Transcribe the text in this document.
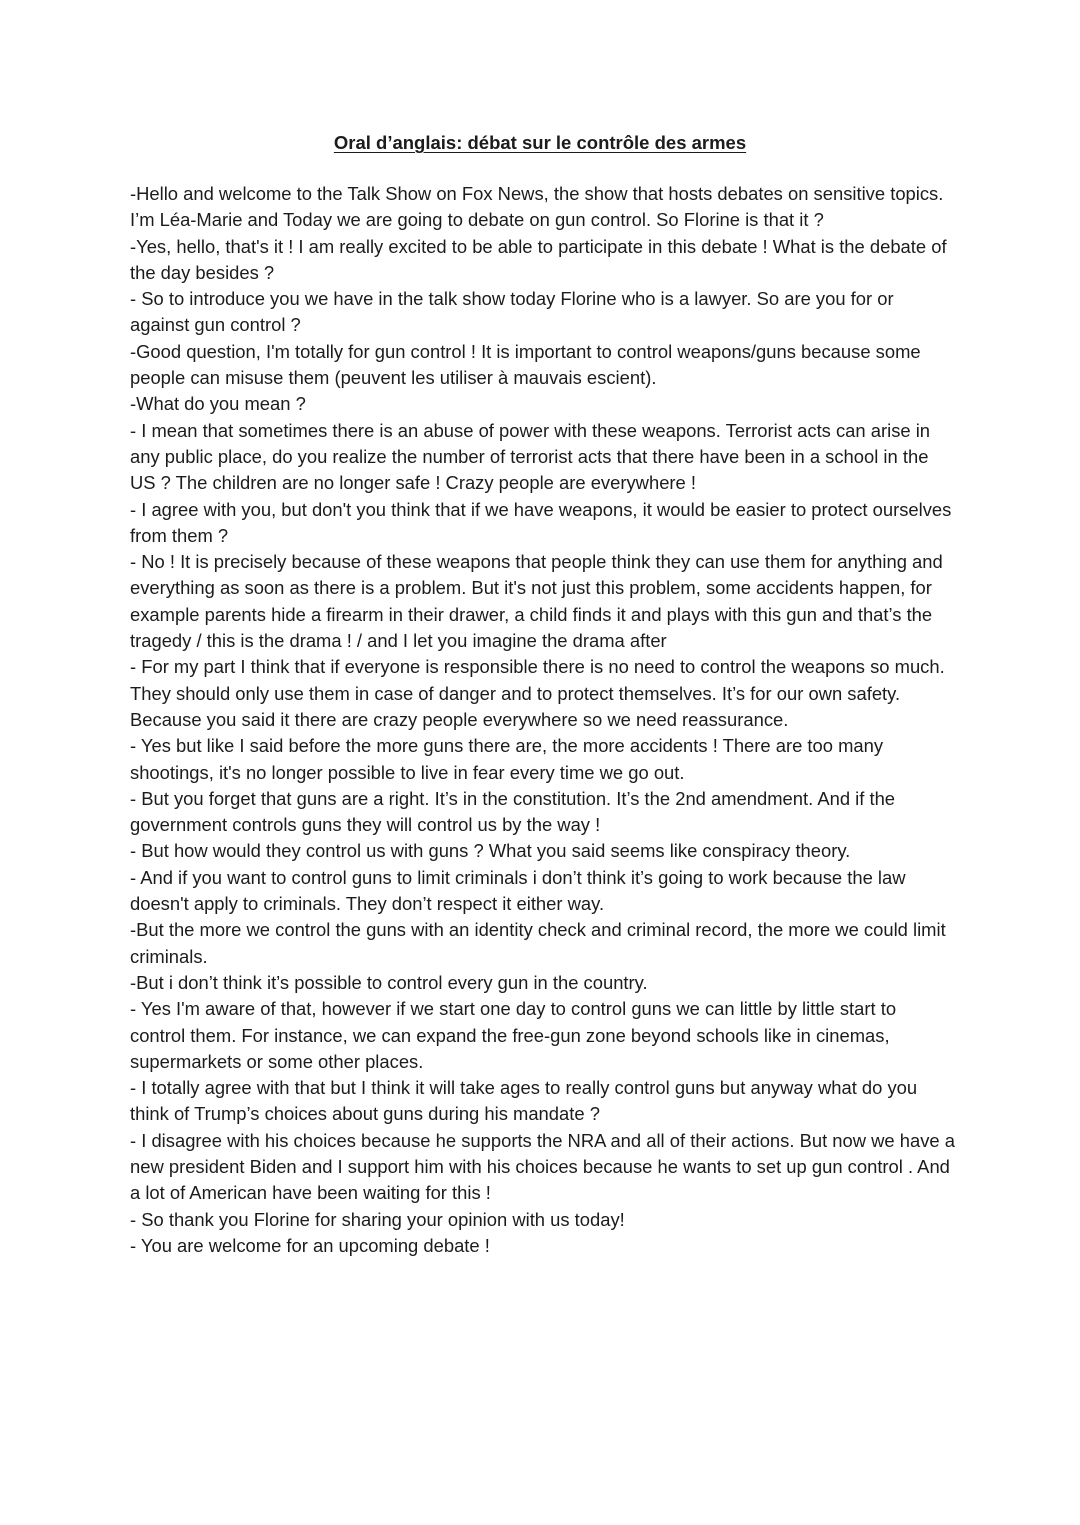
Oral d’anglais: débat sur le contrôle des armes

-Hello and welcome to the Talk Show on Fox News, the show that hosts debates on sensitive topics. I’m Léa-Marie and Today we are going to debate on gun control. So Florine is that it ?

-Yes, hello, that's it ! I am really excited to be able to participate in this debate ! What is the debate of the day besides ?

- So to introduce you we have in the talk show today Florine who is a lawyer. So are you for or against gun control ?

-Good question, I'm totally for gun control ! It is important to control weapons/guns because some people can misuse them (peuvent les utiliser à mauvais escient).

-What do you mean ?

- I mean that sometimes there is an abuse of power with these weapons. Terrorist acts can arise in any public place, do you realize the number of terrorist acts that there have been in a school in the US ? The children are no longer safe ! Crazy people are everywhere !

- I agree with you, but don't you think that if we have weapons, it would be easier to protect ourselves from them ?

- No ! It is precisely because of these weapons that people think they can use them for anything and everything as soon as there is a problem. But it's not just this problem, some accidents happen, for example parents hide a firearm in their drawer, a child finds it and plays with this gun and that’s the tragedy / this is the drama ! / and I let you imagine the drama after

- For my part I think that if everyone is responsible there is no need to control the weapons so much. They should only use them in case of danger and to protect themselves. It’s for our own safety. Because you said it there are crazy people everywhere so we need reassurance.

- Yes but like I said before the more guns there are, the more accidents ! There are too many shootings, it's no longer possible to live in fear every time we go out.

- But you forget that guns are a right. It’s in the constitution. It’s the 2nd amendment. And if the government controls guns they will control us by the way !

- But how would they control us with guns ? What you said seems like conspiracy theory.

- And if you want to control guns to limit criminals i don’t think it’s going to work because the law doesn't apply to criminals. They don’t respect it either way.

-But the more we control the guns with an identity check and criminal record, the more we could limit criminals.

-But i don’t think it’s possible to control every gun in the country.

- Yes I'm aware of that, however if we start one day to control guns we can little by little start to control them. For instance, we can expand the free-gun zone beyond schools like in cinemas, supermarkets or some other places.

- I totally agree with that but I think it will take ages to really control guns but anyway what do you think of Trump’s choices about guns during his mandate ?

- I disagree with his choices because he supports the NRA and all of their actions. But now we have a new president Biden and I support him with his choices because he wants to set up gun control . And a lot of American have been waiting for this !

- So thank you Florine for sharing your opinion with us today!

- You are welcome for an upcoming debate !
